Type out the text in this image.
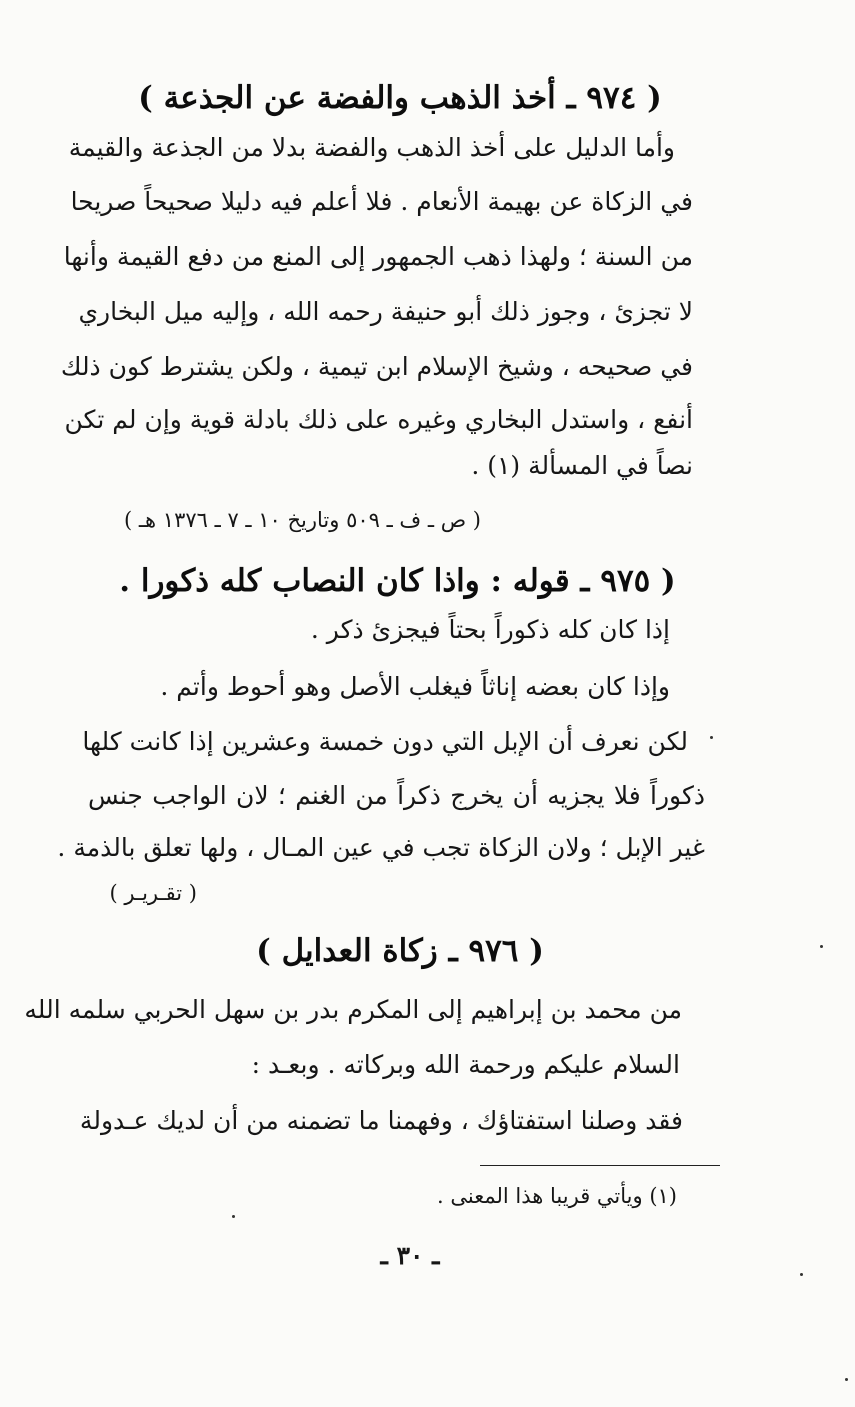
( ٩٧٤ ـ أخذ الذهب والفضة عن الجذعة )
وأما الدليل على أخذ الذهب والفضة بدلا من الجذعة والقيمة
في الزكاة عن بهيمة الأنعام . فلا أعلم فيه دليلا صحيحاً صريحا
من السنة ؛ ولهذا ذهب الجمهور إلى المنع من دفع القيمة وأنها
لا تجزئ ، وجوز ذلك أبو حنيفة رحمه الله ، وإليه ميل البخاري
في صحيحه ، وشيخ الإسلام ابن تيمية ، ولكن يشترط كون ذلك
أنفع ، واستدل البخاري وغيره على ذلك بادلة قوية وإن لم تكن
نصاً في المسألة (١) .
( ص ـ ف ـ ٥٠٩ وتاريخ ١٠ ـ ٧ ـ ١٣٧٦ هـ )
( ٩٧٥ ـ قوله : واذا كان النصاب كله ذكورا .
إذا كان كله ذكوراً بحتاً فيجزئ ذكر .
وإذا كان بعضه إناثاً فيغلب الأصل وهو أحوط وأتم .
لكن نعرف أن الإبل التي دون خمسة وعشرين إذا كانت كلها
ذكوراً فلا يجزيه أن يخرج ذكراً من الغنم ؛ لان الواجب جنس
غير الإبل ؛ ولان الزكاة تجب في عين المـال ، ولها تعلق بالذمة .
( تقـريـر )
( ٩٧٦ ـ زكاة العدايل )
من محمد بن إبراهيم إلى المكرم بدر بن سهل الحربي سلمه الله
السلام عليكم ورحمة الله وبركاته . وبعـد :
فقد وصلنا استفتاؤك ، وفهمنا ما تضمنه من أن لديك عـدولة
(١) ويأتي قريبا هذا المعنى .
ـ ٣٠ ـ
